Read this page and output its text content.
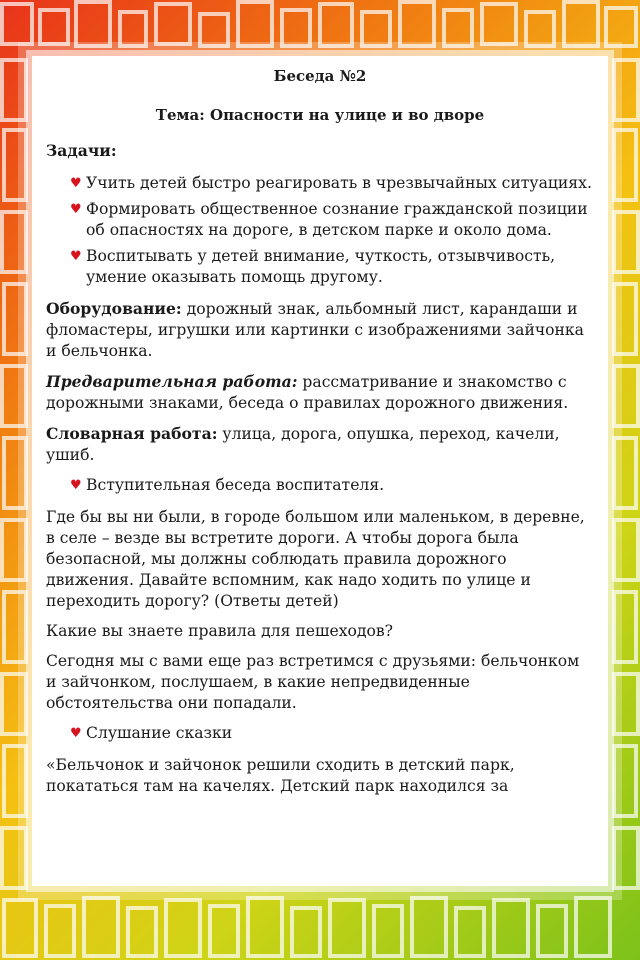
Беседа №2
Тема: Опасности на улице и во дворе
Задачи:
♥ Учить детей быстро реагировать в чрезвычайных ситуациях.
♥ Формировать общественное сознание гражданской позиции об опасностях на дороге, в детском парке и около дома.
♥ Воспитывать у детей внимание, чуткость, отзывчивость, умение оказывать помощь другому.

Оборудование: дорожный знак, альбомный лист, карандаши и фломастеры, игрушки или картинки с изображениями зайчонка и бельчонка.

Предварительная работа: рассматривание и знакомство с дорожными знаками, беседа о правилах дорожного движения.

Словарная работа: улица, дорога, опушка, переход, качели, ушиб.

♥ Вступительная беседа воспитателя.

Где бы вы ни были, в городе большом или маленьком, в деревне, в селе – везде вы встретите дороги. А чтобы дорога была безопасной, мы должны соблюдать правила дорожного движения. Давайте вспомним, как надо ходить по улице и переходить дорогу? (Ответы детей)

Какие вы знаете правила для пешеходов?

Сегодня мы с вами еще раз встретимся с друзьями: бельчонком и зайчонком, послушаем, в какие непредвиденные обстоятельства они попадали.

♥ Слушание сказки

«Бельчонок и зайчонок решили сходить в детский парк, покататься там на качелях. Детский парк находился за
